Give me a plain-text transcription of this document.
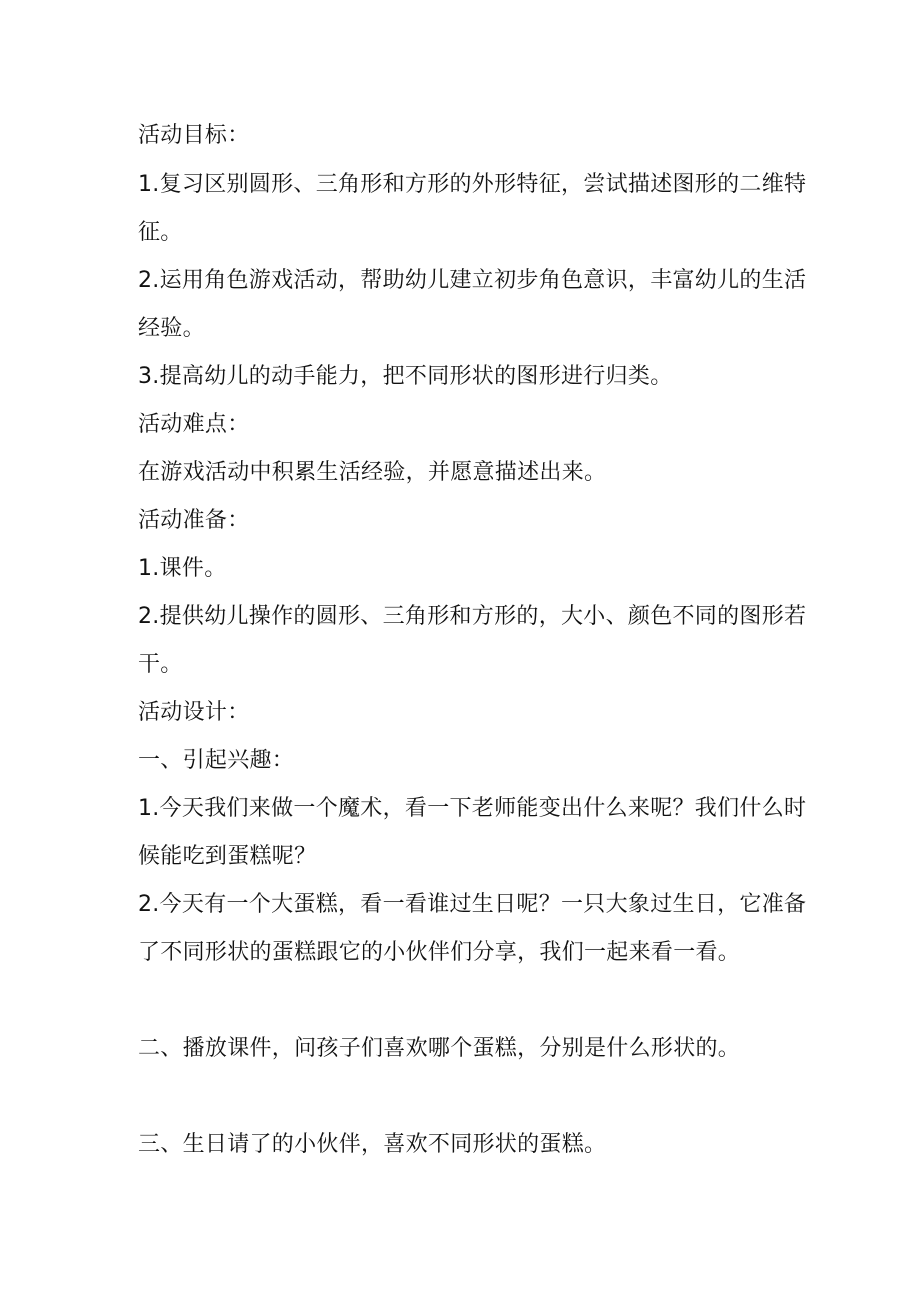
活动目标：
1.复习区别圆形、三角形和方形的外形特征，尝试描述图形的二维特
征。
2.运用角色游戏活动，帮助幼儿建立初步角色意识，丰富幼儿的生活
经验。
3.提高幼儿的动手能力，把不同形状的图形进行归类。
活动难点：
在游戏活动中积累生活经验，并愿意描述出来。
活动准备：
1.课件。
2.提供幼儿操作的圆形、三角形和方形的，大小、颜色不同的图形若
干。
活动设计：
一、引起兴趣：
1.今天我们来做一个魔术，看一下老师能变出什么来呢？我们什么时
候能吃到蛋糕呢？
2.今天有一个大蛋糕，看一看谁过生日呢？一只大象过生日，它准备
了不同形状的蛋糕跟它的小伙伴们分享，我们一起来看一看。
二、播放课件，问孩子们喜欢哪个蛋糕，分别是什么形状的。
三、生日请了的小伙伴，喜欢不同形状的蛋糕。
